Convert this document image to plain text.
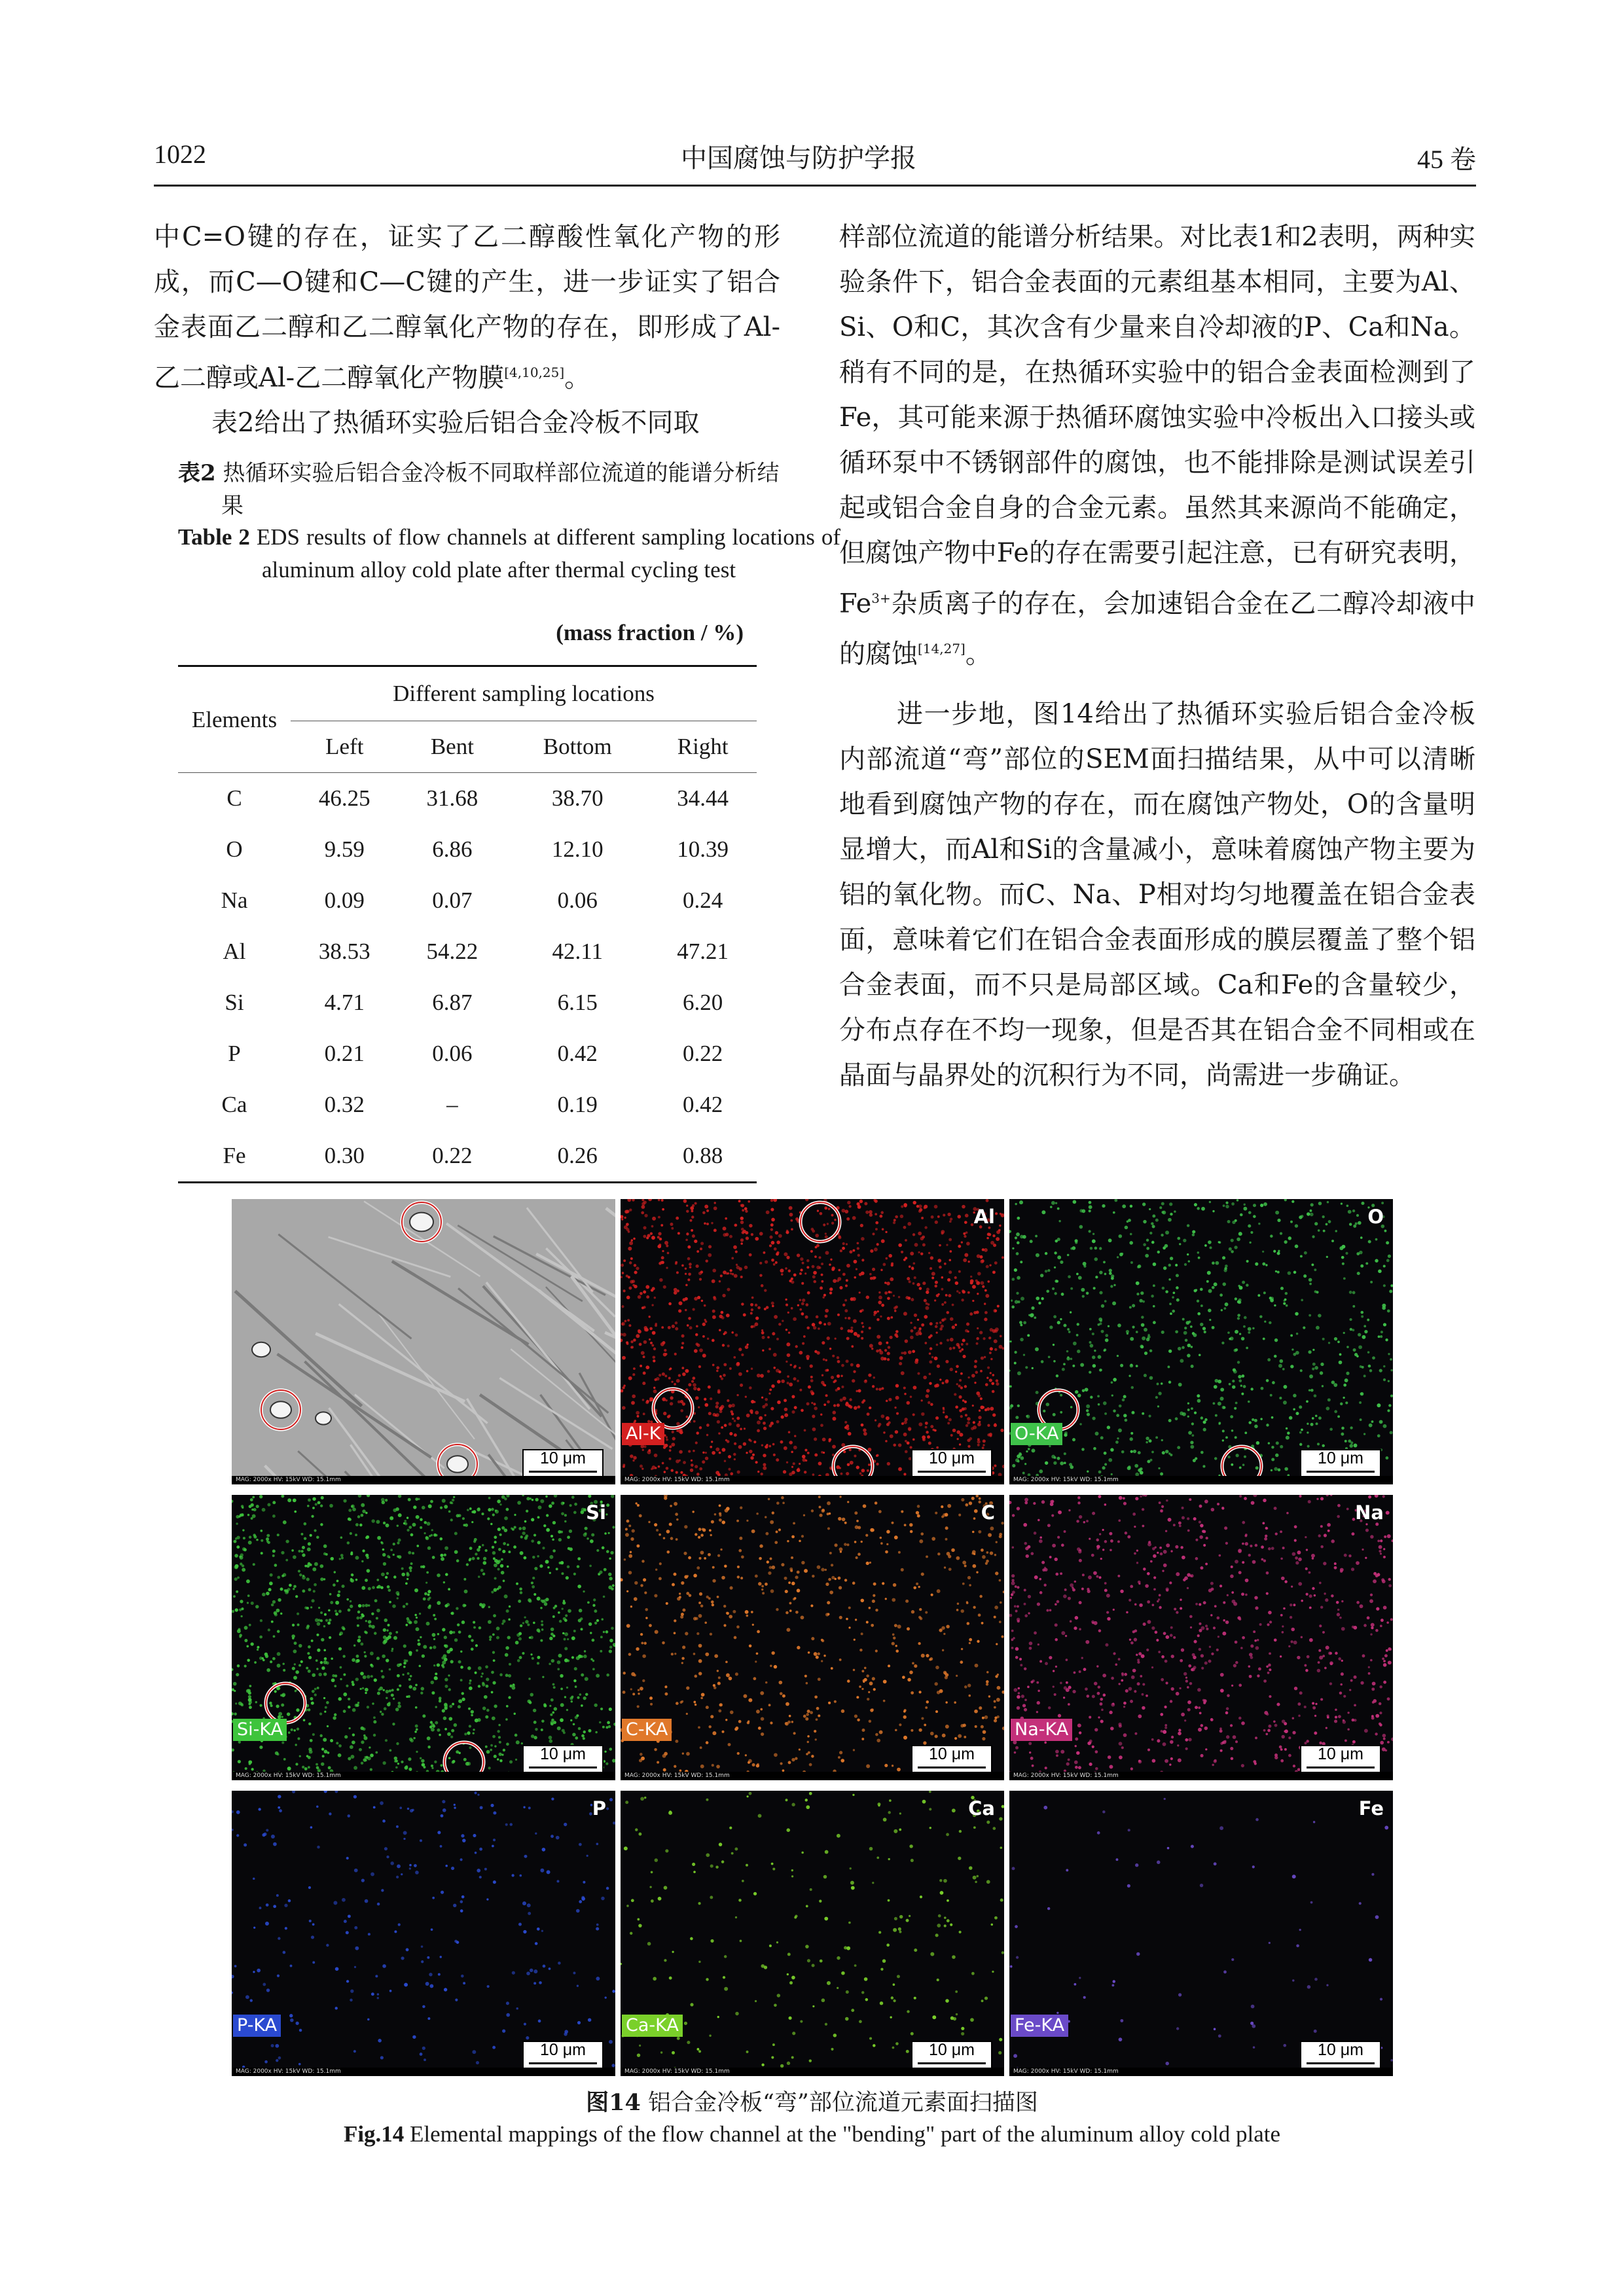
1022	中国腐蚀与防护学报	45 卷

中C=O键的存在，证实了乙二醇酸性氧化产物的形成，而C—O键和C—C键的产生，进一步证实了铝合金表面乙二醇和乙二醇氧化产物的存在，即形成了Al-乙二醇或Al-乙二醇氧化产物膜[4,10,25]。

表2给出了热循环实验后铝合金冷板不同取

表2 热循环实验后铝合金冷板不同取样部位流道的能谱分析结果
Table 2 EDS results of flow channels at different sampling locations of aluminum alloy cold plate after thermal cycling test
(mass fraction / %)
Elements	Different sampling locations			
	Left	Bent	Bottom	Right
C	46.25	31.68	38.70	34.44
O	9.59	6.86	12.10	10.39
Na	0.09	0.07	0.06	0.24
Al	38.53	54.22	42.11	47.21
Si	4.71	6.87	6.15	6.20
P	0.21	0.06	0.42	0.22
Ca	0.32	–	0.19	0.42
Fe	0.30	0.22	0.26	0.88

样部位流道的能谱分析结果。对比表1和2表明，两种实验条件下，铝合金表面的元素组基本相同，主要为Al、Si、O和C，其次含有少量来自冷却液的P、Ca和Na。稍有不同的是，在热循环实验中的铝合金表面检测到了Fe，其可能来源于热循环腐蚀实验中冷板出入口接头或循环泵中不锈钢部件的腐蚀，也不能排除是测试误差引起或铝合金自身的合金元素。虽然其来源尚不能确定，但腐蚀产物中Fe的存在需要引起注意，已有研究表明，$Fe^{3+}$杂质离子的存在，会加速铝合金在乙二醇冷却液中的腐蚀[14,27]。

进一步地，图14给出了热循环实验后铝合金冷板内部流道“弯”部位的SEM面扫描结果，从中可以清晰地看到腐蚀产物的存在，而在腐蚀产物处，O的含量明显增大，而Al和Si的含量减小，意味着腐蚀产物主要为铝的氧化物。而C、Na、P相对均匀地覆盖在铝合金表面，意味着它们在铝合金表面形成的膜层覆盖了整个铝合金表面，而不只是局部区域。Ca和Fe的含量较少，分布点存在不均一现象，但是否其在铝合金不同相或在晶面与晶界处的沉积行为不同，尚需进一步确证。

10 μm
MAG: 2000x HV: 15kV WD: 15.1mm
Al
Al-K
10 μm
MAG: 2000x HV: 15kV WD: 15.1mm
O
O-KA
10 μm
MAG: 2000x HV: 15kV WD: 15.1mm
Si
Si-KA
10 μm
MAG: 2000x HV: 15kV WD: 15.1mm
C
C-KA
10 μm
MAG: 2000x HV: 15kV WD: 15.1mm
Na
Na-KA
10 μm
MAG: 2000x HV: 15kV WD: 15.1mm
P
P-KA
10 μm
MAG: 2000x HV: 15kV WD: 15.1mm
Ca
Ca-KA
10 μm
MAG: 2000x HV: 15kV WD: 15.1mm
Fe
Fe-KA
10 μm
MAG: 2000x HV: 15kV WD: 15.1mm
图14 铝合金冷板“弯”部位流道元素面扫描图
Fig.14 Elemental mappings of the flow channel at the "bending" part of the aluminum alloy cold plate
